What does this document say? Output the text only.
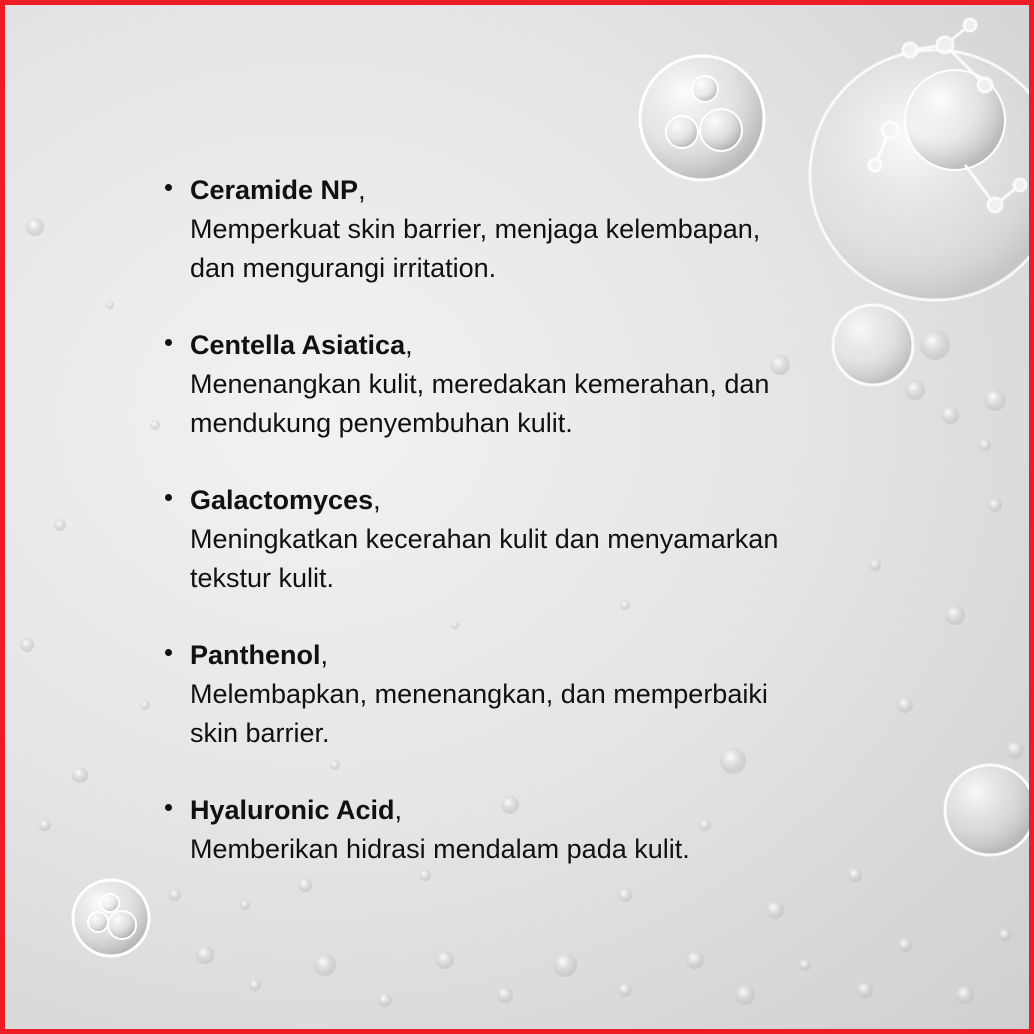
Ceramide NP,
Memperkuat skin barrier, menjaga kelembapan,
dan mengurangi irritation.
Centella Asiatica,
Menenangkan kulit, meredakan kemerahan, dan
mendukung penyembuhan kulit.
Galactomyces,
Meningkatkan kecerahan kulit dan menyamarkan
tekstur kulit.
Panthenol,
Melembapkan, menenangkan, dan memperbaiki
skin barrier.
Hyaluronic Acid,
Memberikan hidrasi mendalam pada kulit.
